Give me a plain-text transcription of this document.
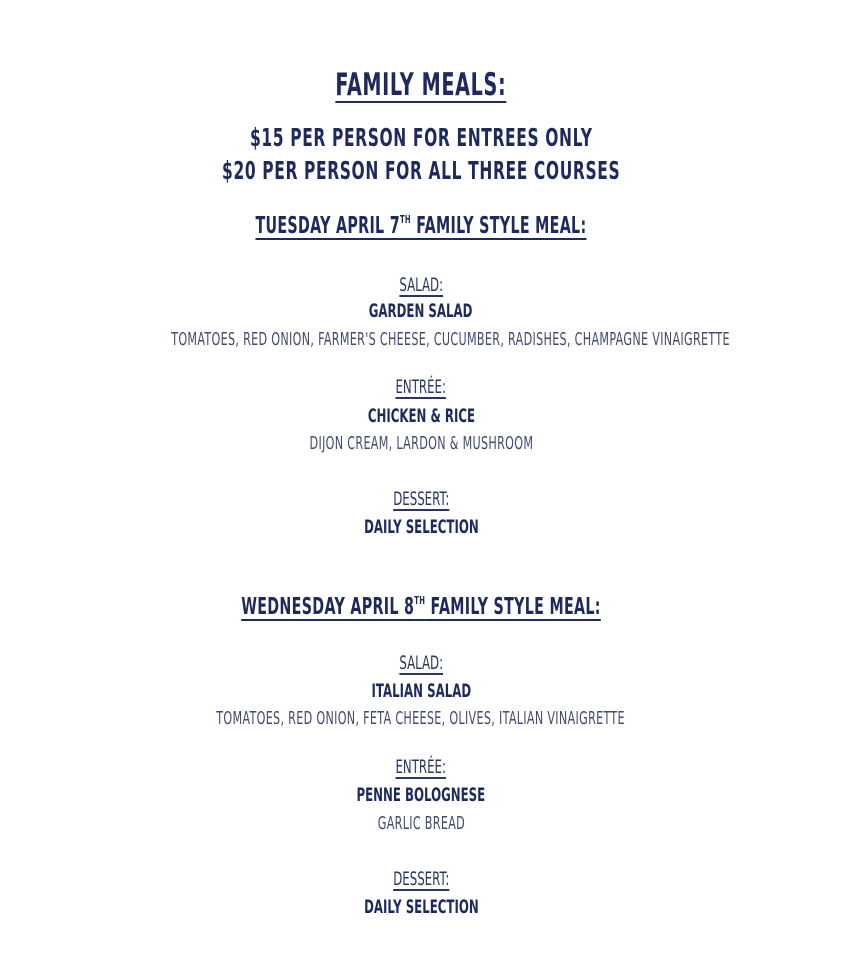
FAMILY MEALS:
$15 PER PERSON FOR ENTREES ONLY
$20 PER PERSON FOR ALL THREE COURSES
TUESDAY APRIL 7TH FAMILY STYLE MEAL:
SALAD:
GARDEN SALAD
TOMATOES, RED ONION, FARMER'S CHEESE, CUCUMBER, RADISHES, CHAMPAGNE VINAIGRETTE
ENTRÉE:
CHICKEN & RICE
DIJON CREAM, LARDON & MUSHROOM
DESSERT:
DAILY SELECTION
WEDNESDAY APRIL 8TH FAMILY STYLE MEAL:
SALAD:
ITALIAN SALAD
TOMATOES, RED ONION, FETA CHEESE, OLIVES, ITALIAN VINAIGRETTE
ENTRÉE:
PENNE BOLOGNESE
GARLIC BREAD
DESSERT:
DAILY SELECTION
